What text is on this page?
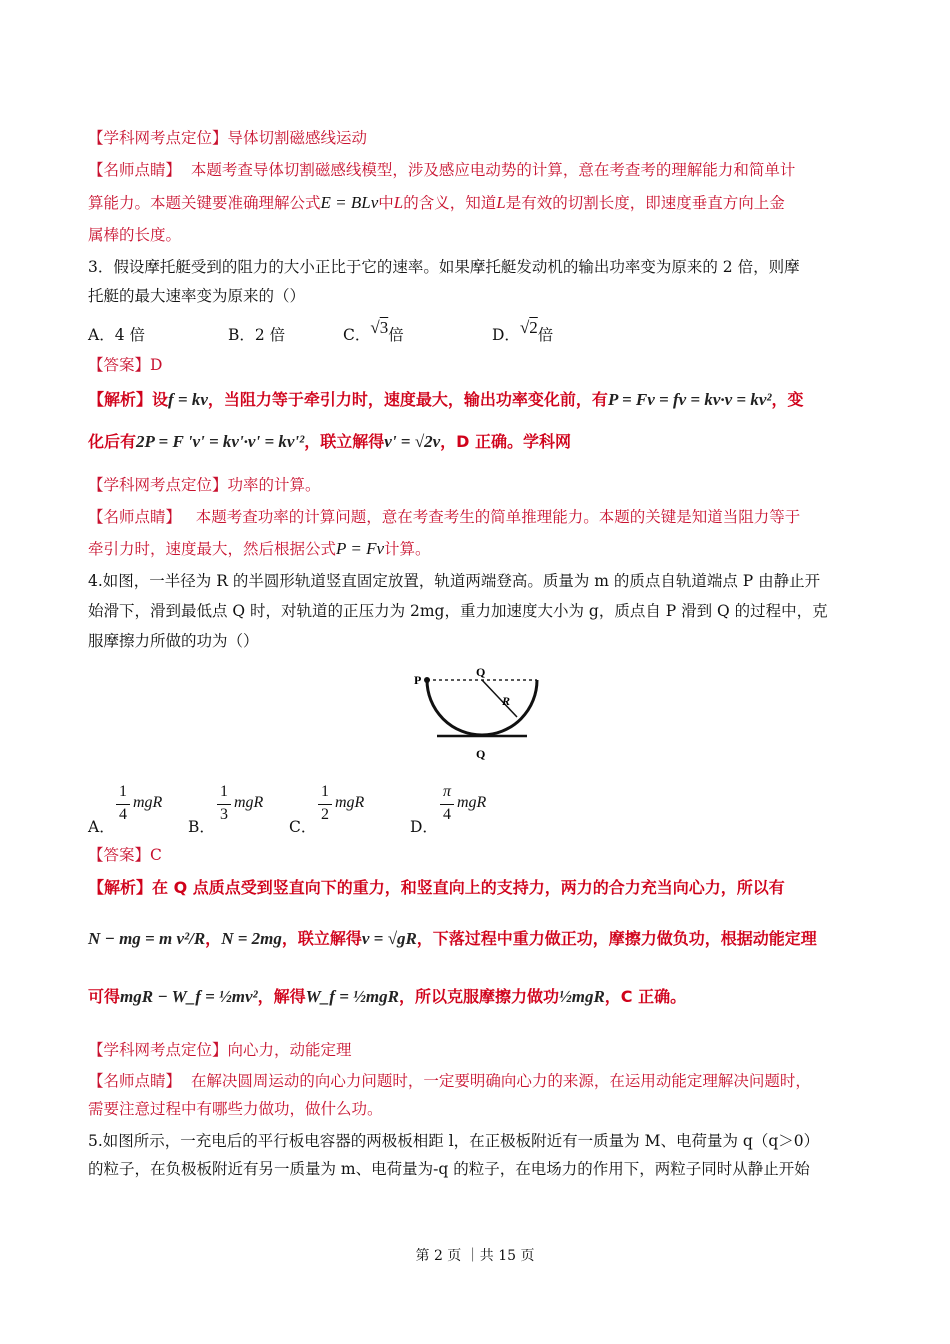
【学科网考点定位】导体切割磁感线运动
【名师点睛】 本题考查导体切割磁感线模型，涉及感应电动势的计算，意在考查考的理解能力和简单计
算能力。本题关键要准确理解公式E = BLv中L的含义，知道L是有效的切割长度，即速度垂直方向上金
属棒的长度。
3．假设摩托艇受到的阻力的大小正比于它的速率。如果摩托艇发动机的输出功率变为原来的 2 倍，则摩
托艇的最大速率变为原来的（）
A．4 倍	B．2 倍	C．√3倍	D．√2倍
【答案】D
【解析】设f = kv，当阻力等于牵引力时，速度最大，输出功率变化前，有P = Fv = fv = kv·v = kv²，变
化后有2P = F 'v' = kv'·v' = kv'²，联立解得v' = √2v，D 正确。学科网
【学科网考点定位】功率的计算。
【名师点睛】 本题考查功率的计算问题，意在考查考生的简单推理能力。本题的关键是知道当阻力等于
牵引力时，速度最大，然后根据公式P = Fv计算。
4.如图，一半径为 R 的半圆形轨道竖直固定放置，轨道两端登高。质量为 m 的质点自轨道端点 P 由静止开
始滑下，滑到最低点 Q 时，对轨道的正压力为 2mg，重力加速度大小为 g，质点自 P 滑到 Q 的过程中，克
服摩擦力所做的功为（）
P
Q
R
Q
A．
1
4
mgR
B．
1
3
mgR
C．
1
2
mgR
D．
π
4
mgR
【答案】C
【解析】在 Q 点质点受到竖直向下的重力，和竖直向上的支持力，两力的合力充当向心力，所以有
N − mg = m v²/R，N = 2mg，联立解得v = √gR，下落过程中重力做正功，摩擦力做负功，根据动能定理
可得mgR − W_f = ½mv²，解得W_f = ½mgR，所以克服摩擦力做功½mgR，C 正确。
【学科网考点定位】向心力，动能定理
【名师点睛】 在解决圆周运动的向心力问题时，一定要明确向心力的来源，在运用动能定理解决问题时，
需要注意过程中有哪些力做功，做什么功。
5.如图所示，一充电后的平行板电容器的两极板相距 l，在正极板附近有一质量为 M、电荷量为 q（q＞0）
的粒子，在负极板附近有另一质量为 m、电荷量为-q 的粒子，在电场力的作用下，两粒子同时从静止开始
第 2 页 ｜共 15 页
